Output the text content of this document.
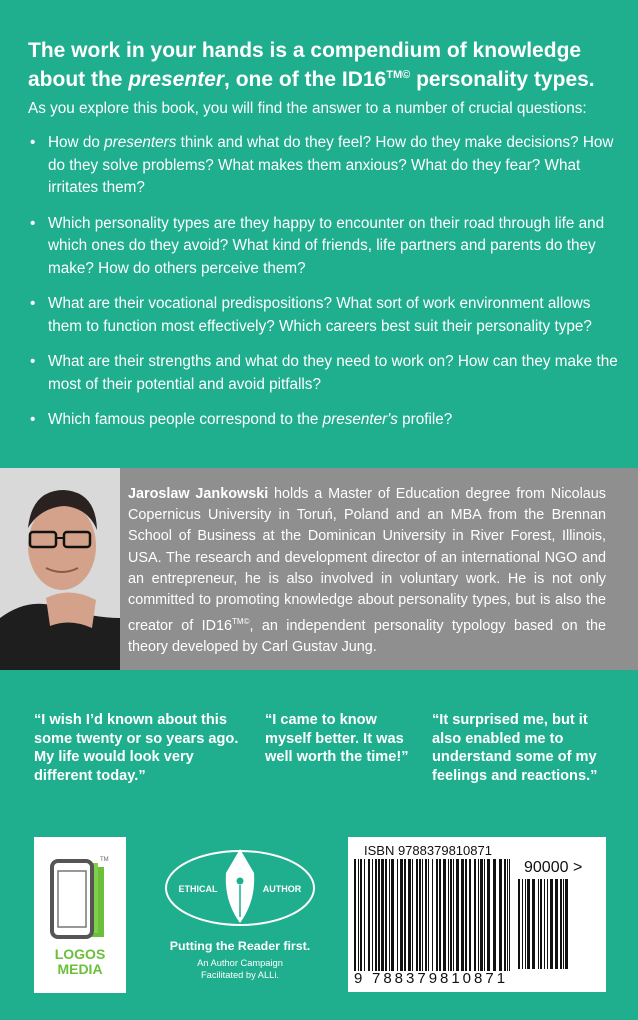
The work in your hands is a compendium of knowledge
about the presenter, one of the $ID16^{TM©}$ personality types.
As you explore this book, you will find the answer to a number of crucial questions:
• How do presenters think and what do they feel? How do they make decisions? How do they solve problems? What makes them anxious? What do they fear? What irritates them?
• Which personality types are they happy to encounter on their road through life and which ones do they avoid? What kind of friends, life partners and parents do they make? How do others perceive them?
• What are their vocational predispositions? What sort of work environment allows them to function most effectively? Which careers best suit their personality type?
• What are their strengths and what do they need to work on? How can they make the most of their potential and avoid pitfalls?
• Which famous people correspond to the presenter's profile?
Jaroslaw Jankowski holds a Master of Education degree from Nicolaus Copernicus University in Toruń, Poland and an MBA from the Brennan School of Business at the Dominican University in River Forest, Illinois, USA. The research and development director of an international NGO and an entrepreneur, he is also involved in voluntary work. He is not only committed to promoting knowledge about personality types, but is also the creator of $ID16^{TM©}$, an independent personality typology based on the theory developed by Carl Gustav Jung.
“I wish I’d known about this some twenty or so years ago. My life would look very different today.”
“I came to know myself better. It was well worth the time!”
“It surprised me, but it also enabled me to understand some of my feelings and reactions.”
TM
LOGOS
MEDIA
ETHICAL	AUTHOR
Putting the Reader first.
An Author Campaign
Facilitated by ALLi.
ISBN 9788379810871
90000 >
9 788379 810871
